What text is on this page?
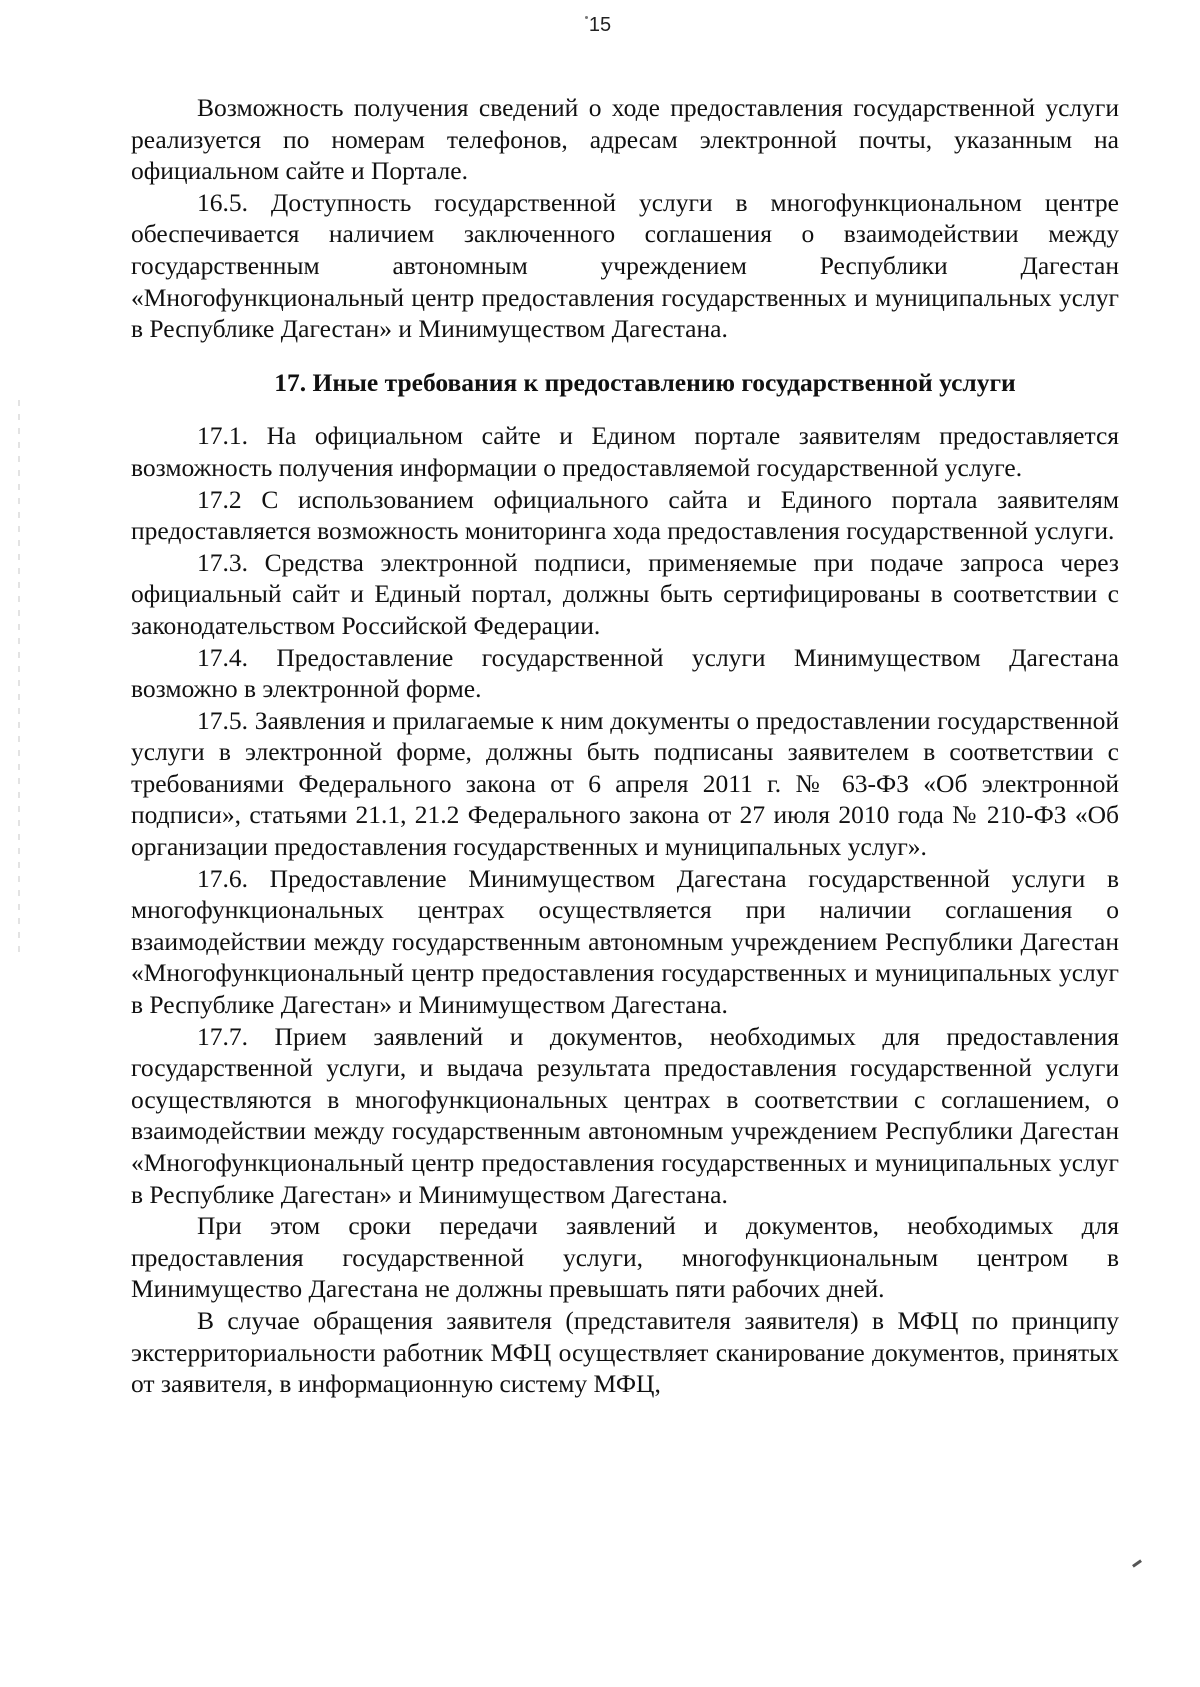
15

Возможность получения сведений о ходе предоставления государственной услуги реализуется по номерам телефонов, адресам электронной почты, указанным на официальном сайте и Портале.

16.5. Доступность государственной услуги в многофункциональном центре обеспечивается наличием заключенного соглашения о взаимодействии между государственным автономным учреждением Республики Дагестан «Многофункциональный центр предоставления государственных и муниципальных услуг в Республике Дагестан» и Минимуществом Дагестана.

17. Иные требования к предоставлению государственной услуги

17.1. На официальном сайте и Едином портале заявителям предоставляется возможность получения информации о предоставляемой государственной услуге.

17.2 С использованием официального сайта и Единого портала заявителям предоставляется возможность мониторинга хода предоставления государственной услуги.

17.3. Средства электронной подписи, применяемые при подаче запроса через официальный сайт и Единый портал, должны быть сертифицированы в соответствии с законодательством Российской Федерации.

17.4. Предоставление государственной услуги Минимуществом Дагестана возможно в электронной форме.

17.5. Заявления и прилагаемые к ним документы о предоставлении государственной услуги в электронной форме, должны быть подписаны заявителем в соответствии с требованиями Федерального закона от 6 апреля 2011 г. № 63-ФЗ «Об электронной подписи», статьями 21.1, 21.2 Федерального закона от 27 июля 2010 года № 210-ФЗ «Об организации предоставления государственных и муниципальных услуг».

17.6. Предоставление Минимуществом Дагестана государственной услуги в многофункциональных центрах осуществляется при наличии соглашения о взаимодействии между государственным автономным учреждением Республики Дагестан «Многофункциональный центр предоставления государственных и муниципальных услуг в Республике Дагестан» и Минимуществом Дагестана.

17.7. Прием заявлений и документов, необходимых для предоставления государственной услуги, и выдача результата предоставления государственной услуги осуществляются в многофункциональных центрах в соответствии с соглашением, о взаимодействии между государственным автономным учреждением Республики Дагестан «Многофункциональный центр предоставления государственных и муниципальных услуг в Республике Дагестан» и Минимуществом Дагестана.

При этом сроки передачи заявлений и документов, необходимых для предоставления государственной услуги, многофункциональным центром в Минимущество Дагестана не должны превышать пяти рабочих дней.

В случае обращения заявителя (представителя заявителя) в МФЦ по принципу экстерриториальности работник МФЦ осуществляет сканирование документов, принятых от заявителя, в информационную систему МФЦ,
